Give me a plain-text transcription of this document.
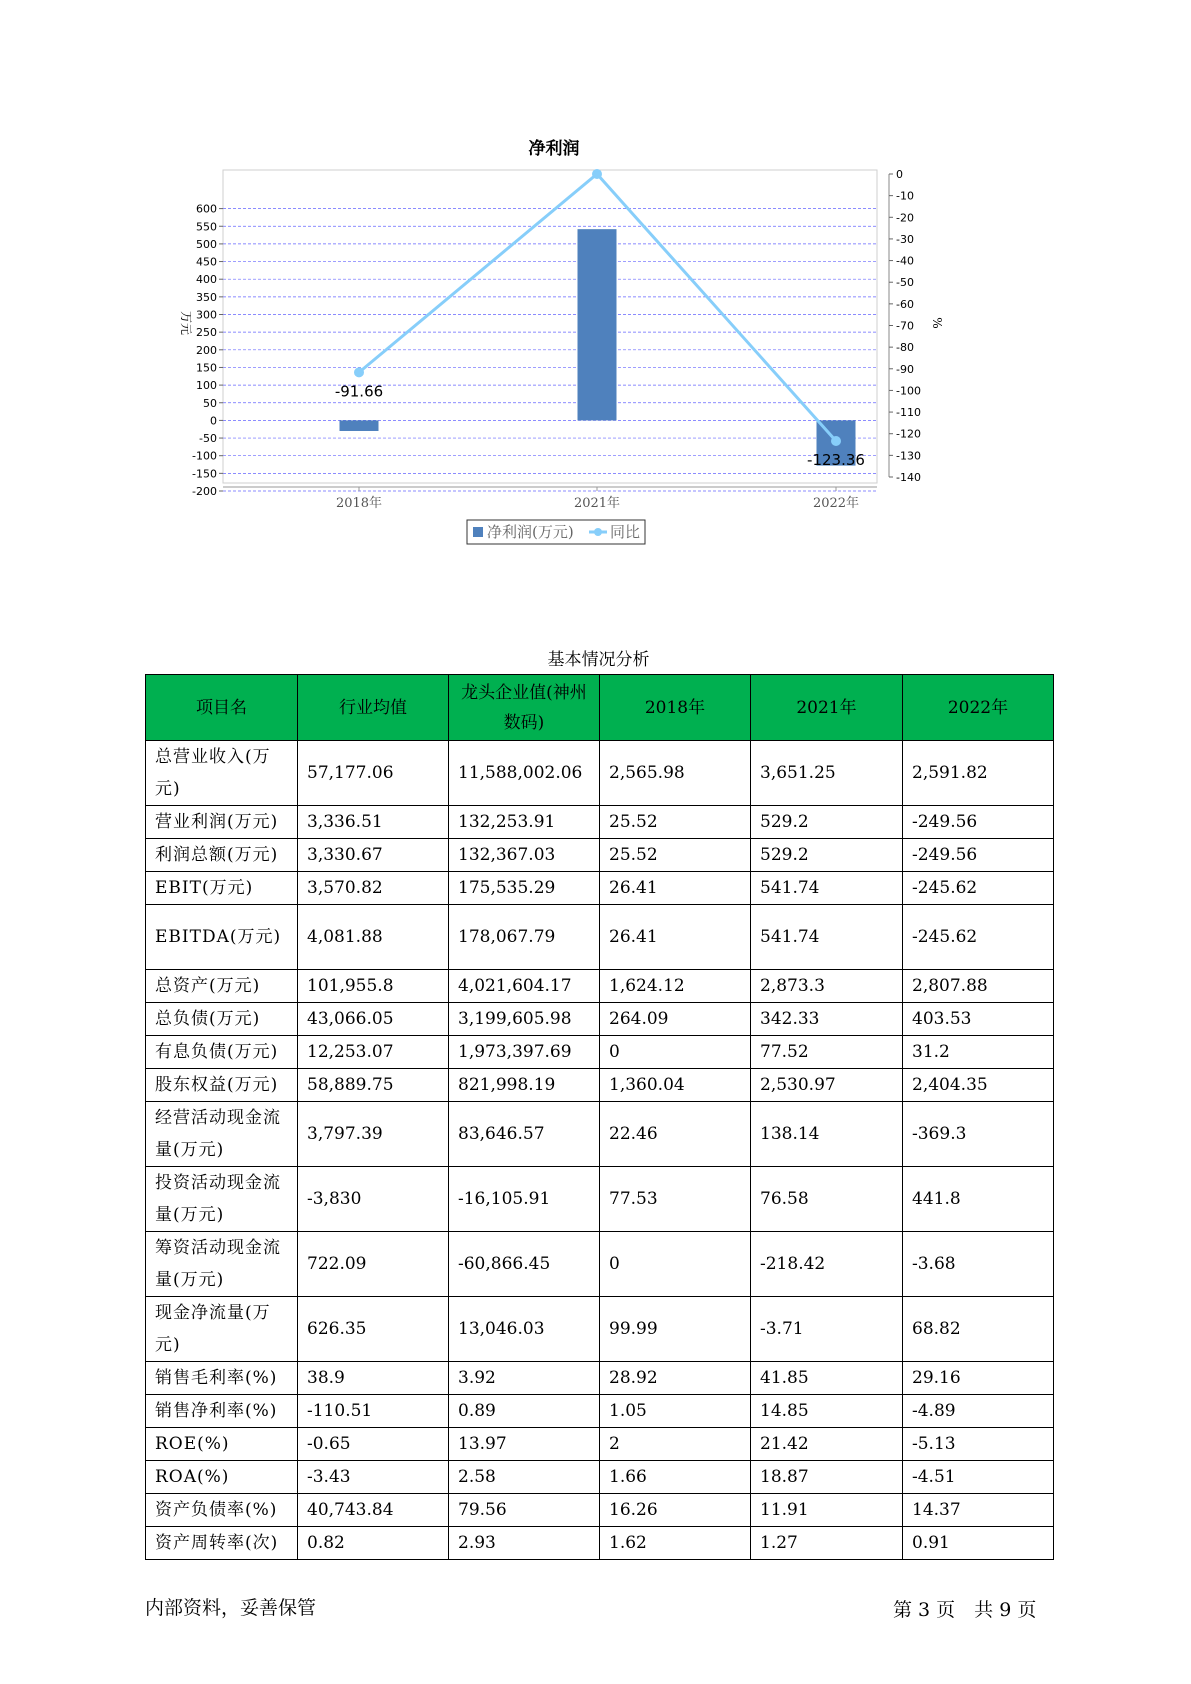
600
550
500
450
400
350
300
250
200
150
100
50
0
-50
-100
-150
-200
0
-10
-20
-30
-40
-50
-60
-70
-80
-90
-100
-110
-120
-130
-140
万元	%
净利润
2018年	2021年	2022年
-91.66
-123.36
净利润(万元) 同比
基本情况分析
项目名	行业均值	龙头企业值(神州数码)	2018年	2021年	2022年
总营业收入(万元)	57,177.06	11,588,002.06	2,565.98	3,651.25	2,591.82
营业利润(万元)	3,336.51	132,253.91	25.52	529.2	-249.56
利润总额(万元)	3,330.67	132,367.03	25.52	529.2	-249.56
EBIT(万元)	3,570.82	175,535.29	26.41	541.74	-245.62
EBITDA(万元)	4,081.88	178,067.79	26.41	541.74	-245.62
总资产(万元)	101,955.8	4,021,604.17	1,624.12	2,873.3	2,807.88
总负债(万元)	43,066.05	3,199,605.98	264.09	342.33	403.53
有息负债(万元)	12,253.07	1,973,397.69	0	77.52	31.2
股东权益(万元)	58,889.75	821,998.19	1,360.04	2,530.97	2,404.35
经营活动现金流量(万元)	3,797.39	83,646.57	22.46	138.14	-369.3
投资活动现金流量(万元)	-3,830	-16,105.91	77.53	76.58	441.8
筹资活动现金流量(万元)	722.09	-60,866.45	0	-218.42	-3.68
现金净流量(万元)	626.35	13,046.03	99.99	-3.71	68.82
销售毛利率(%)	38.9	3.92	28.92	41.85	29.16
销售净利率(%)	-110.51	0.89	1.05	14.85	-4.89
ROE(%)	-0.65	13.97	2	21.42	-5.13
ROA(%)	-3.43	2.58	1.66	18.87	-4.51
资产负债率(%)	40,743.84	79.56	16.26	11.91	14.37
资产周转率(次)	0.82	2.93	1.62	1.27	0.91
内部资料，妥善保管	第 3 页　共 9 页
